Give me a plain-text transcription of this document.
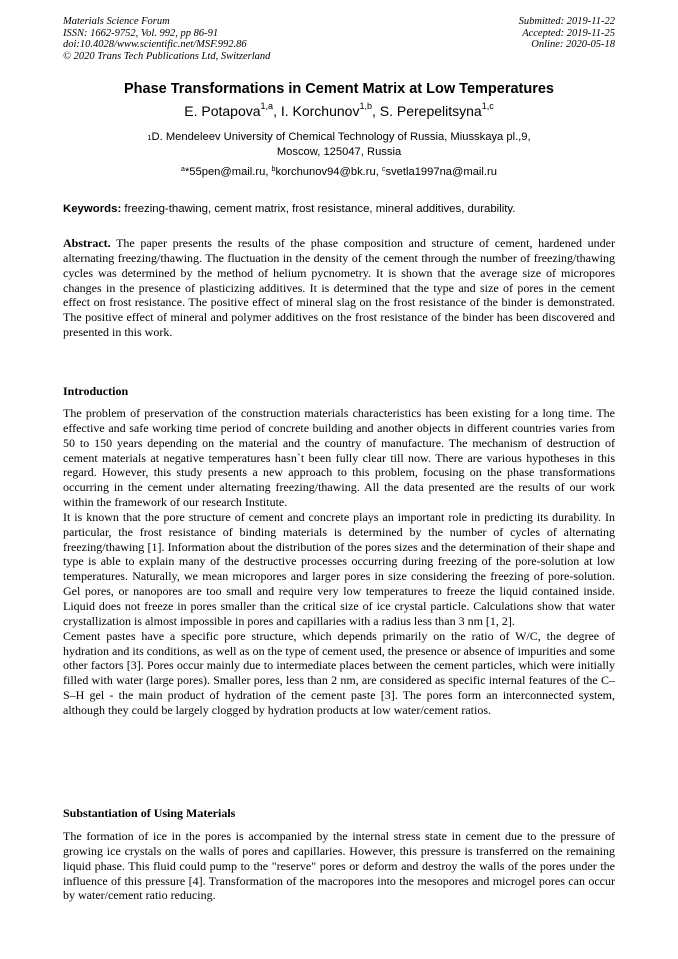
Materials Science Forum
ISSN: 1662-9752, Vol. 992, pp 86-91
doi:10.4028/www.scientific.net/MSF.992.86
© 2020 Trans Tech Publications Ltd, Switzerland
Submitted: 2019-11-22
Accepted: 2019-11-25
Online: 2020-05-18
Phase Transformations in Cement Matrix at Low Temperatures
E. Potapova$^{1,a}$, I. Korchunov$^{1,b}$, S. Perepelitsyna$^{1,c}$
$^1$D. Mendeleev University of Chemical Technology of Russia, Miusskaya pl.,9,
Moscow, 125047, Russia
$^a$*55pen@mail.ru, $^b$korchunov94@bk.ru, $^c$svetla1997na@mail.ru
Keywords: freezing-thawing, cement matrix, frost resistance, mineral additives, durability.

Abstract. The paper presents the results of the phase composition and structure of cement, hardened under alternating freezing/thawing. The fluctuation in the density of the cement through the number of freezing/thawing cycles was determined by the method of helium pycnometry. It is shown that the average size of micropores changes in the presence of plasticizing additives. It is determined that the type and size of pores in the cement effect on frost resistance. The positive effect of mineral slag on the frost resistance of the binder is demonstrated. The positive effect of mineral and polymer additives on the frost resistance of the binder has been discovered and presented in this work.

Introduction

The problem of preservation of the construction materials characteristics has been existing for a long time. The effective and safe working time period of concrete building and another objects in different countries varies from 50 to 150 years depending on the material and the country of manufacture. The mechanism of destruction of cement materials at negative temperatures hasn`t been fully clear till now. There are various hypotheses in this regard. However, this study presents a new approach to this problem, focusing on the phase transformations occurring in the cement under alternating freezing/thawing. All the data presented are the results of our work within the framework of our research Institute.

It is known that the pore structure of cement and concrete plays an important role in predicting its durability. In particular, the frost resistance of binding materials is determined by the number of cycles of alternating freezing/thawing [1]. Information about the distribution of the pores sizes and the determination of their shape and type is able to explain many of the destructive processes occurring during freezing of the pore-solution at low temperatures. Naturally, we mean micropores and larger pores in size considering the freezing of pore-solution. Gel pores, or nanopores are too small and require very low temperatures to freeze the liquid contained inside. Liquid does not freeze in pores smaller than the critical size of ice crystal particle. Calculations show that water crystallization is almost impossible in pores and capillaries with a radius less than 3 nm [1, 2].

Cement pastes have a specific pore structure, which depends primarily on the ratio of W/C, the degree of hydration and its conditions, as well as on the type of cement used, the presence or absence of impurities and some other factors [3]. Pores occur mainly due to intermediate places between the cement particles, which were initially filled with water (large pores). Smaller pores, less than 2 nm, are considered as specific internal features of the C–S–H gel - the main product of hydration of the cement paste [3]. The pores form an interconnected system, although they could be largely clogged by hydration products at low water/cement ratios.

Substantiation of Using Materials

The formation of ice in the pores is accompanied by the internal stress state in cement due to the pressure of growing ice crystals on the walls of pores and capillaries. However, this pressure is transferred on the remaining liquid phase. This fluid could pump to the "reserve" pores or deform and destroy the walls of the pores under the influence of this pressure [4]. Transformation of the macropores into the mesopores and microgel pores can occur by water/cement ratio reducing.
